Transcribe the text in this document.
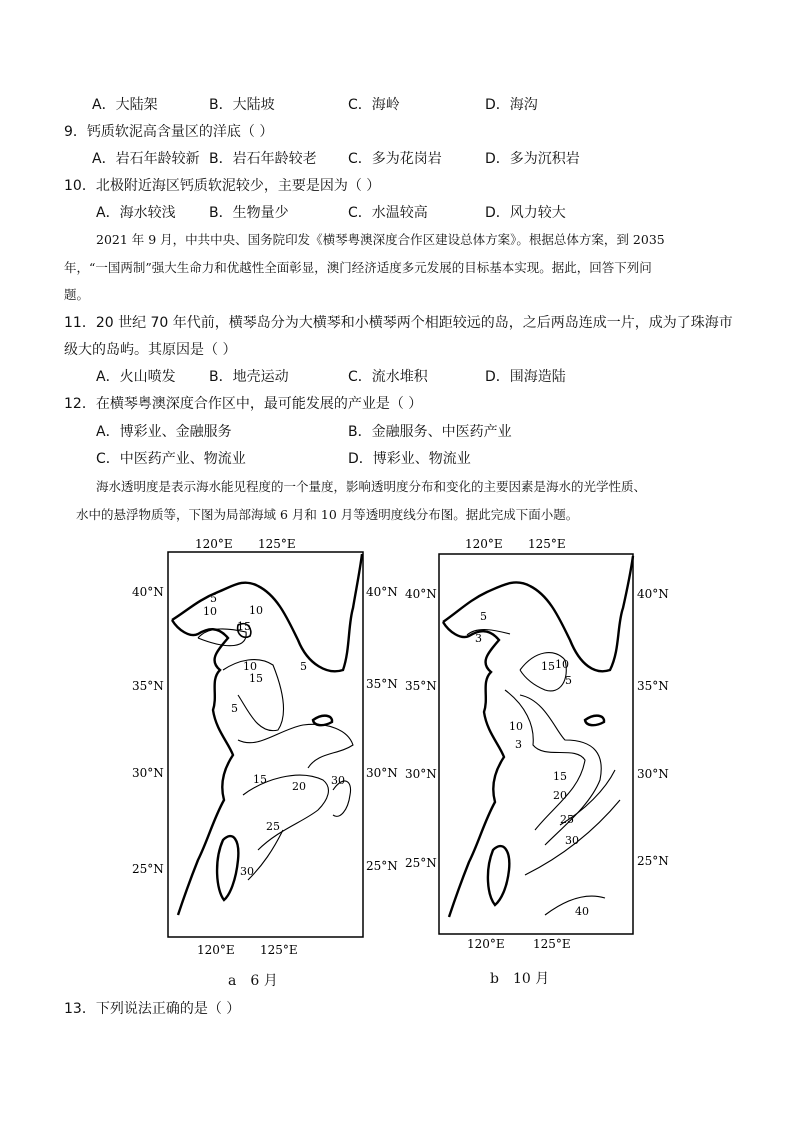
A．大陆架	B．大陆坡	C．海岭	D．海沟
9．钙质软泥高含量区的洋底（ ）
A．岩石年龄较新 B．岩石年龄较老 C．多为花岗岩	D．多为沉积岩
10．北极附近海区钙质软泥较少，主要是因为（ ）
A．海水较浅 B．生物量少	C．水温较高	D．风力较大
2021 年 9 月，中共中央、国务院印发《横琴粤澳深度合作区建设总体方案》。根据总体方案，到 2035
年，“一国两制”强大生命力和优越性全面彰显，澳门经济适度多元发展的目标基本实现。据此，回答下列问
题。
11．20 世纪 70 年代前，横琴岛分为大横琴和小横琴两个相距较远的岛，之后两岛连成一片，成为了珠海市
级大的岛屿。其原因是（ ）
A．火山喷发 B．地壳运动	C．流水堆积	D．围海造陆
12．在横琴粤澳深度合作区中，最可能发展的产业是（ ）
A．博彩业、金融服务	B．金融服务、中医药产业
C．中医药产业、物流业	D．博彩业、物流业
海水透明度是表示海水能见程度的一个量度，影响透明度分布和变化的主要因素是海水的光学性质、
水中的悬浮物质等，下图为局部海域 6 月和 10 月等透明度线分布图。据此完成下面小题。
120°E 125°E
120°E 125°E
40°N
35°N
30°N
25°N
40°N
35°N
30°N
25°N
5
10	10
15
10
15
5
5
15
20 30
25
30
a　6 月
120°E 125°E
120°E 125°E
40°N
35°N
30°N
25°N
40°N
35°N
30°N
25°N
5
3
15 10
5
10
3
15
20
25
30
40
b　10 月
13．下列说法正确的是（ ）
